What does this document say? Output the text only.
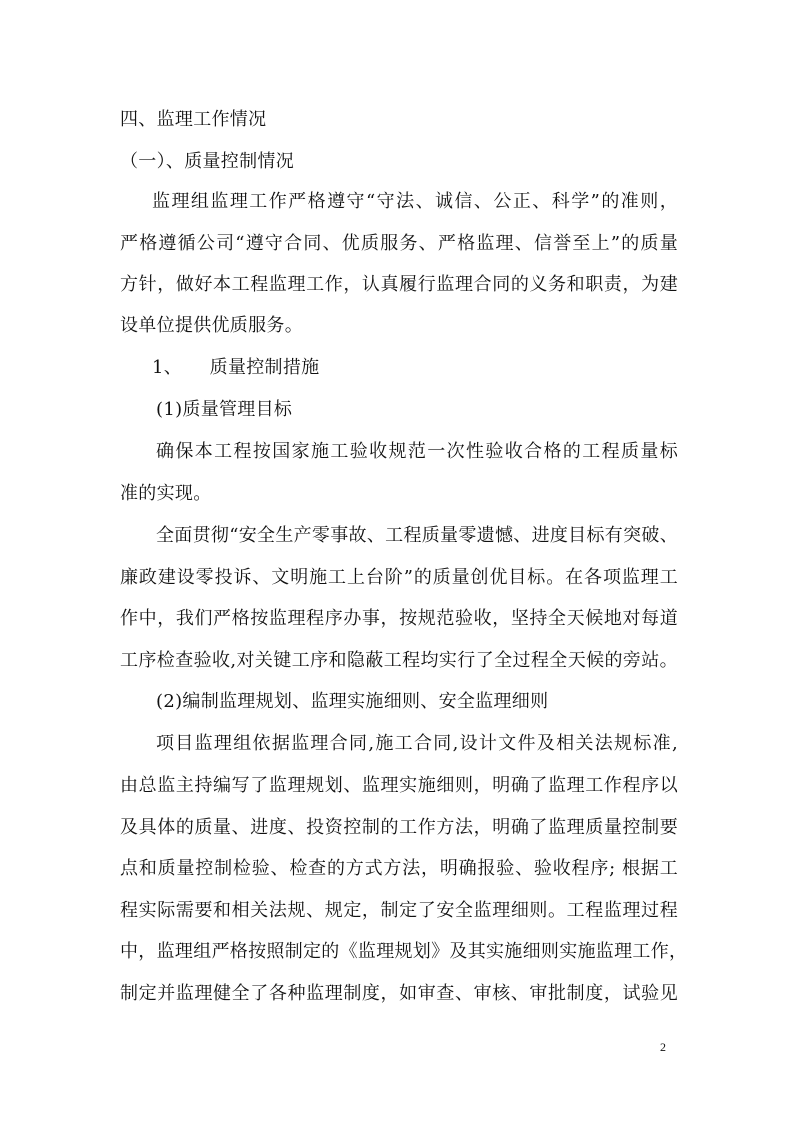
四、监理工作情况
（一）、质量控制情况
监理组监理工作严格遵守“守法、诚信、公正、科学”的准则，
严格遵循公司“遵守合同、优质服务、严格监理、信誉至上”的质量
方针，做好本工程监理工作，认真履行监理合同的义务和职责，为建
设单位提供优质服务。
1、　　质量控制措施
(1)质量管理目标
确保本工程按国家施工验收规范一次性验收合格的工程质量标
准的实现。
全面贯彻“安全生产零事故、工程质量零遗憾、进度目标有突破、
廉政建设零投诉、文明施工上台阶”的质量创优目标。在各项监理工
作中，我们严格按监理程序办事，按规范验收，坚持全天候地对每道
工序检查验收,对关键工序和隐蔽工程均实行了全过程全天候的旁站。
(2)编制监理规划、监理实施细则、安全监理细则
项目监理组依据监理合同,施工合同,设计文件及相关法规标准,
由总监主持编写了监理规划、监理实施细则，明确了监理工作程序以
及具体的质量、进度、投资控制的工作方法，明确了监理质量控制要
点和质量控制检验、检查的方式方法，明确报验、验收程序; 根据工
程实际需要和相关法规、规定，制定了安全监理细则。工程监理过程
中，监理组严格按照制定的《监理规划》及其实施细则实施监理工作，
制定并监理健全了各种监理制度，如审查、审核、审批制度，试验见
2
